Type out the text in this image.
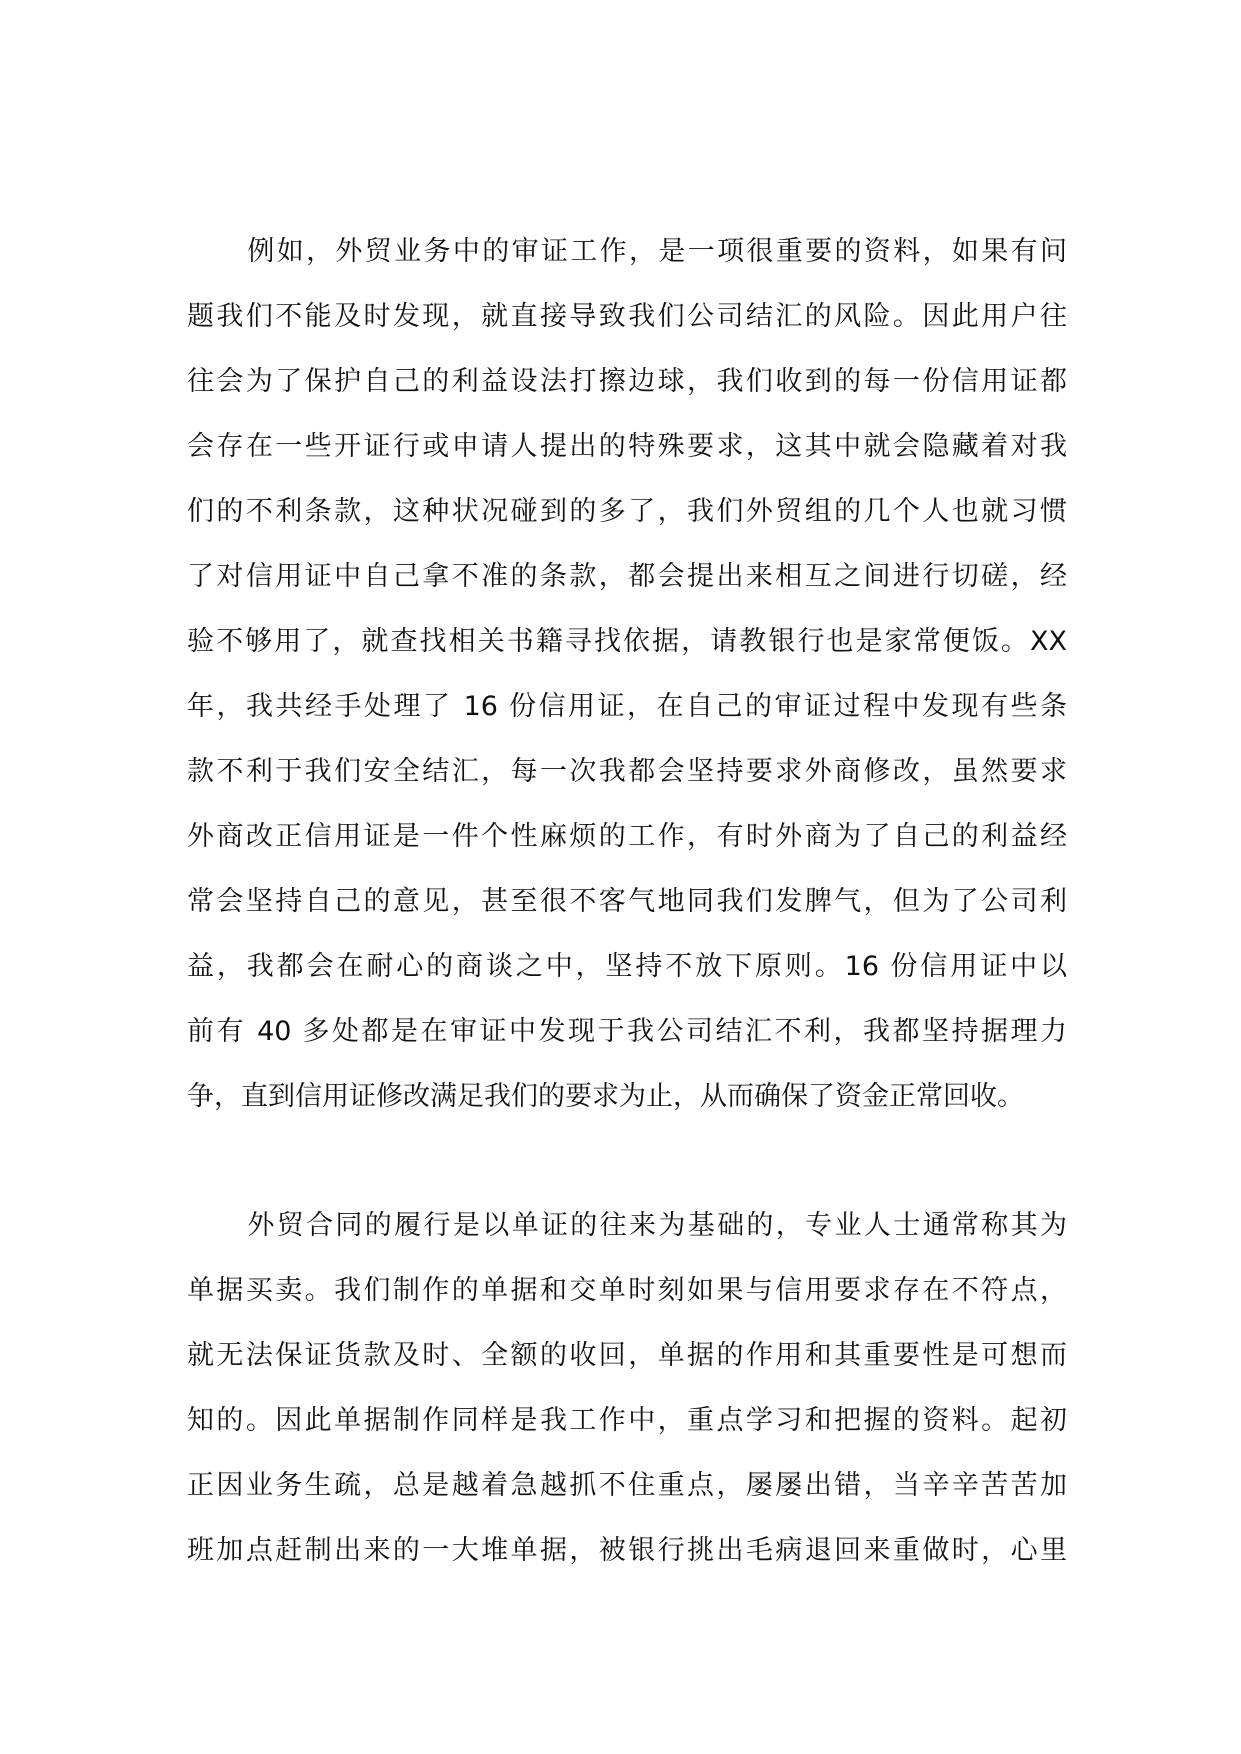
例如，外贸业务中的审证工作，是一项很重要的资料，如果有问
题我们不能及时发现，就直接导致我们公司结汇的风险。因此用户往
往会为了保护自己的利益设法打擦边球，我们收到的每一份信用证都
会存在一些开证行或申请人提出的特殊要求，这其中就会隐藏着对我
们的不利条款，这种状况碰到的多了，我们外贸组的几个人也就习惯
了对信用证中自己拿不准的条款，都会提出来相互之间进行切磋，经
验不够用了，就查找相关书籍寻找依据，请教银行也是家常便饭。XX
年，我共经手处理了 16 份信用证，在自己的审证过程中发现有些条
款不利于我们安全结汇，每一次我都会坚持要求外商修改，虽然要求
外商改正信用证是一件个性麻烦的工作，有时外商为了自己的利益经
常会坚持自己的意见，甚至很不客气地同我们发脾气，但为了公司利
益，我都会在耐心的商谈之中，坚持不放下原则。16 份信用证中以
前有 40 多处都是在审证中发现于我公司结汇不利，我都坚持据理力
争，直到信用证修改满足我们的要求为止，从而确保了资金正常回收。
外贸合同的履行是以单证的往来为基础的，专业人士通常称其为
单据买卖。我们制作的单据和交单时刻如果与信用要求存在不符点，
就无法保证货款及时、全额的收回，单据的作用和其重要性是可想而
知的。因此单据制作同样是我工作中，重点学习和把握的资料。起初
正因业务生疏，总是越着急越抓不住重点，屡屡出错，当辛辛苦苦加
班加点赶制出来的一大堆单据，被银行挑出毛病退回来重做时，心里
